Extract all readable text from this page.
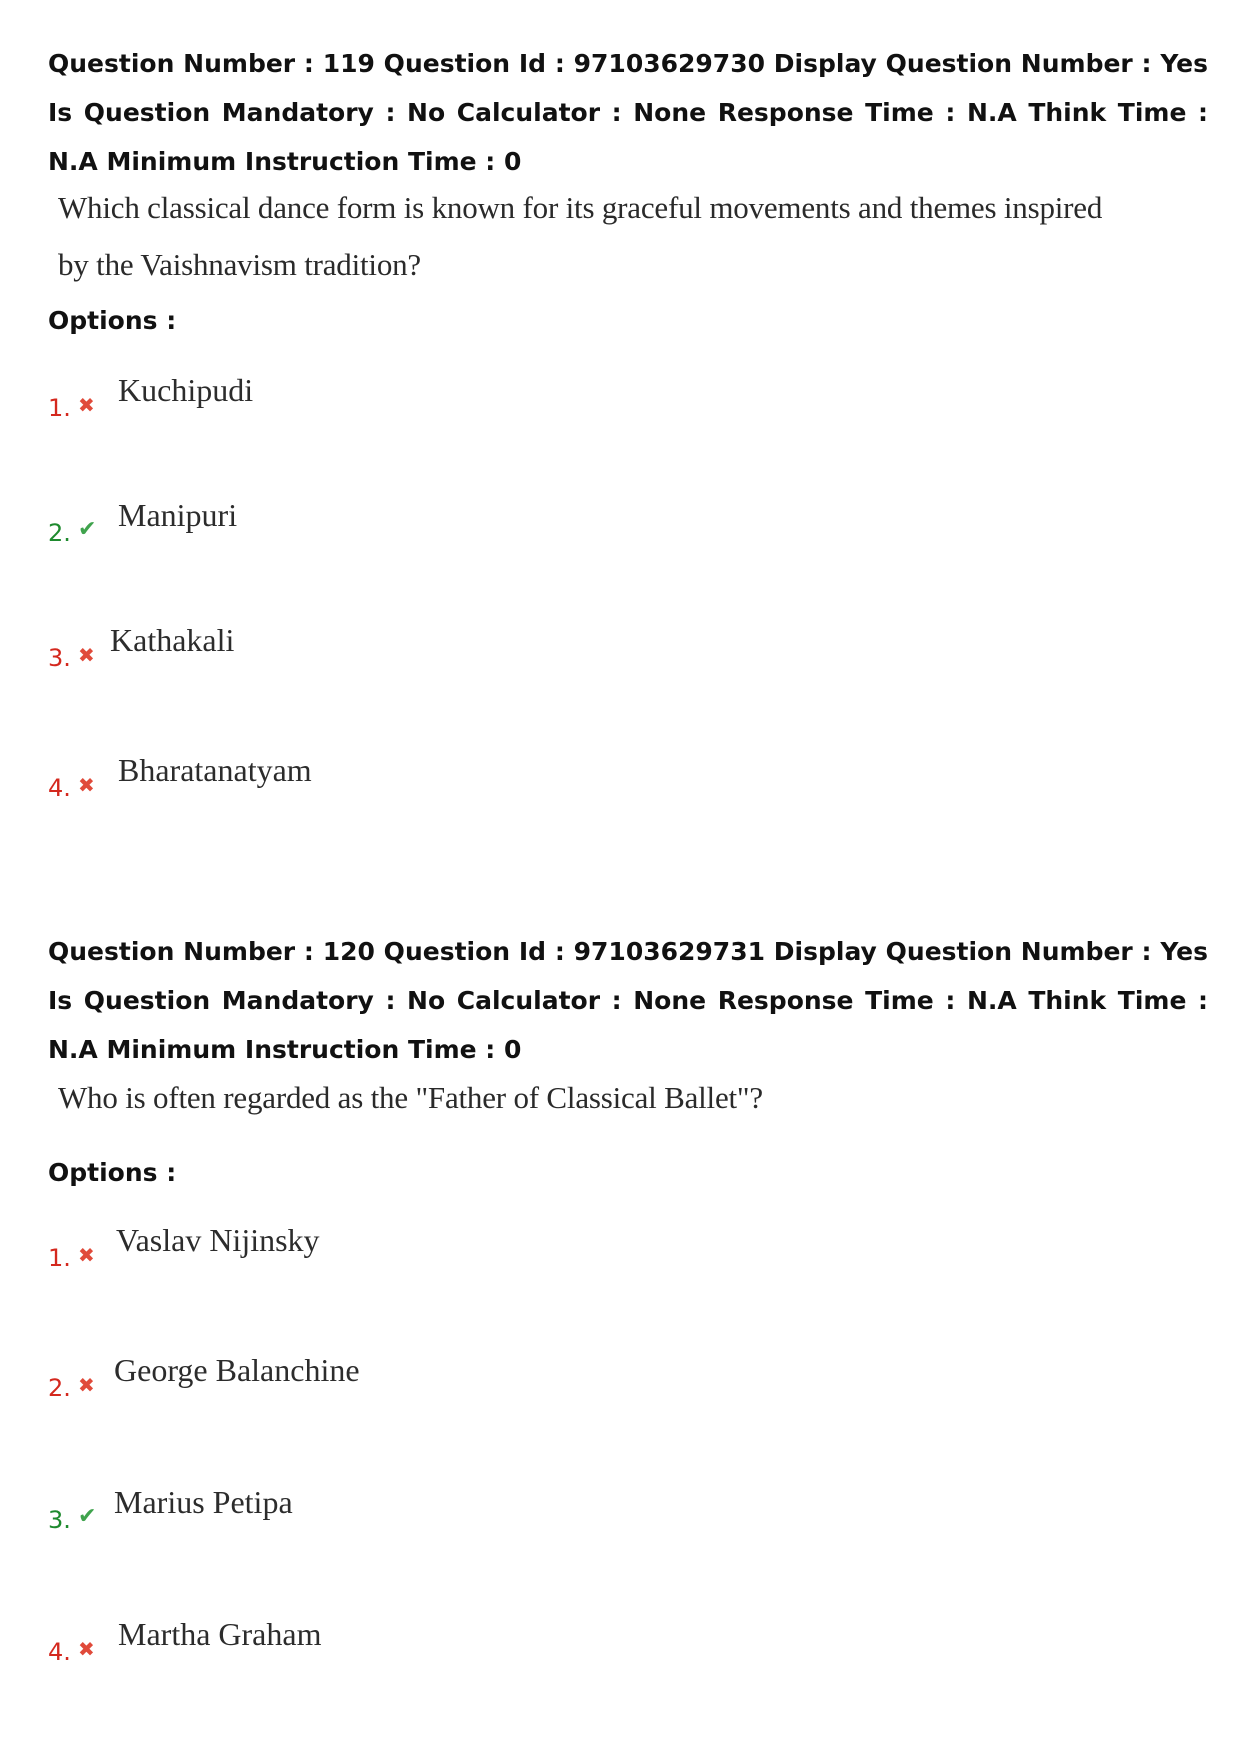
Question Number : 119 Question Id : 97103629730 Display Question Number : Yes Is Question Mandatory : No Calculator : None Response Time : N.A Think Time : N.A Minimum Instruction Time : 0
Which classical dance form is known for its graceful movements and themes inspired
by the Vaishnavism tradition?
Options :
1. ✖ Kuchipudi
2. ✔ Manipuri
3. ✖ Kathakali
4. ✖ Bharatanatyam
Question Number : 120 Question Id : 97103629731 Display Question Number : Yes Is Question Mandatory : No Calculator : None Response Time : N.A Think Time : N.A Minimum Instruction Time : 0
Who is often regarded as the "Father of Classical Ballet"?
Options :
1. ✖ Vaslav Nijinsky
2. ✖ George Balanchine
3. ✔ Marius Petipa
4. ✖ Martha Graham
